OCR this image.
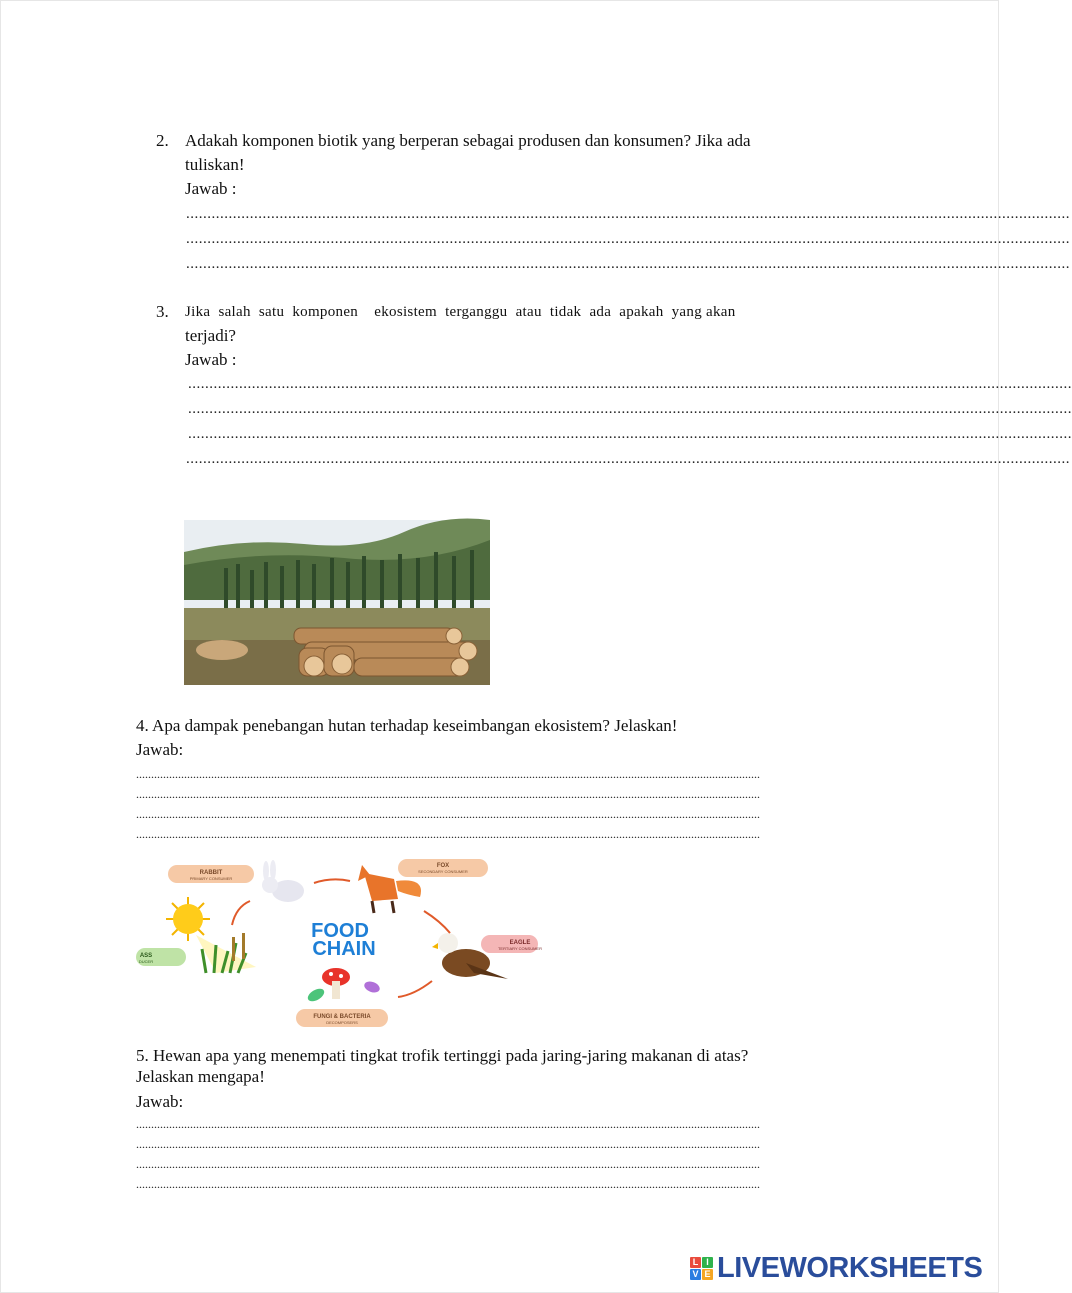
2. Adakah komponen biotik yang berperan sebagai produsen dan konsumen? Jika ada
tuliskan!
Jawab :
................................................................................................................................................................................................................
................................................................................................................................................................................................................
................................................................................................................................................................................................................
3. Jika  salah  satu  komponen    ekosistem  terganggu  atau  tidak  ada  apakah  yang akan
terjadi?
Jawab :
................................................................................................................................................................................................................
................................................................................................................................................................................................................
................................................................................................................................................................................................................
................................................................................................................................................................................................................
4. Apa dampak penebangan hutan terhadap keseimbangan ekosistem? Jelaskan!
Jawab:
................................................................................................................................................................................................................
................................................................................................................................................................................................................
................................................................................................................................................................................................................
................................................................................................................................................................................................................
FOOD
CHAIN
RABBIT
PRIMARY CONSUMER
FOX
SECONDARY CONSUMER
EAGLE
TERTIARY CONSUMER
ASS
DUCER
FUNGI & BACTERIA
DECOMPOSERS
5. Hewan apa yang menempati tingkat trofik tertinggi pada jaring-jaring makanan di atas?
Jelaskan mengapa!
Jawab:
................................................................................................................................................................................................................
................................................................................................................................................................................................................
................................................................................................................................................................................................................
................................................................................................................................................................................................................
L I
V E LIVEWORKSHEETS
